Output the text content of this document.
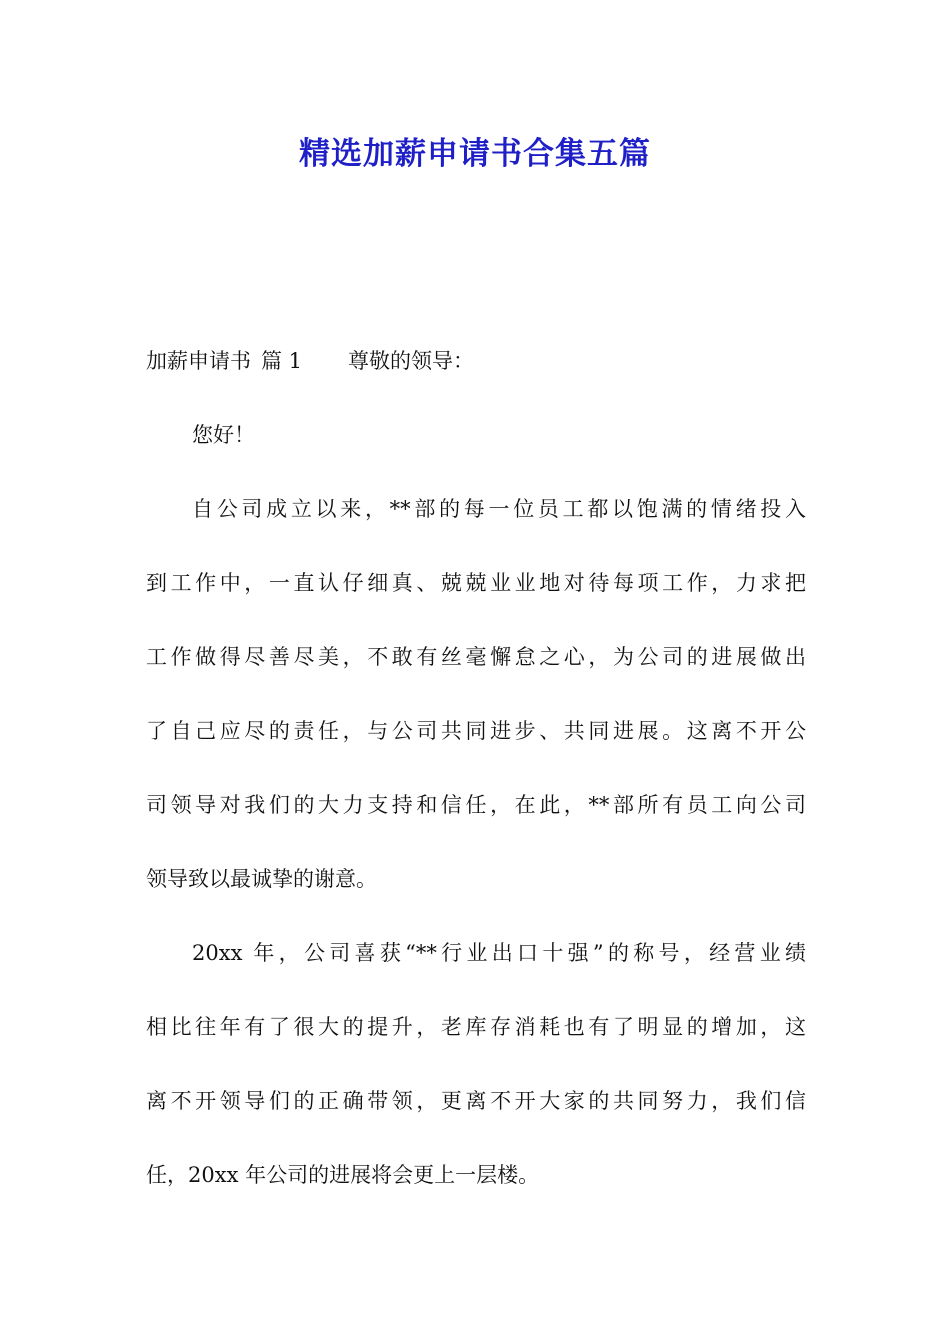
精选加薪申请书合集五篇
加薪申请书 篇 1 尊敬的领导：
您好！
自公司成立以来，**部的每一位员工都以饱满的情绪投入
到工作中，一直认仔细真、兢兢业业地对待每项工作，力求把
工作做得尽善尽美，不敢有丝毫懈怠之心，为公司的进展做出
了自己应尽的责任，与公司共同进步、共同进展。这离不开公
司领导对我们的大力支持和信任，在此，**部所有员工向公司
领导致以最诚挚的谢意。
20xx 年，公司喜获“**行业出口十强”的称号，经营业绩
相比往年有了很大的提升，老库存消耗也有了明显的增加，这
离不开领导们的正确带领，更离不开大家的共同努力，我们信
任，20xx 年公司的进展将会更上一层楼。
